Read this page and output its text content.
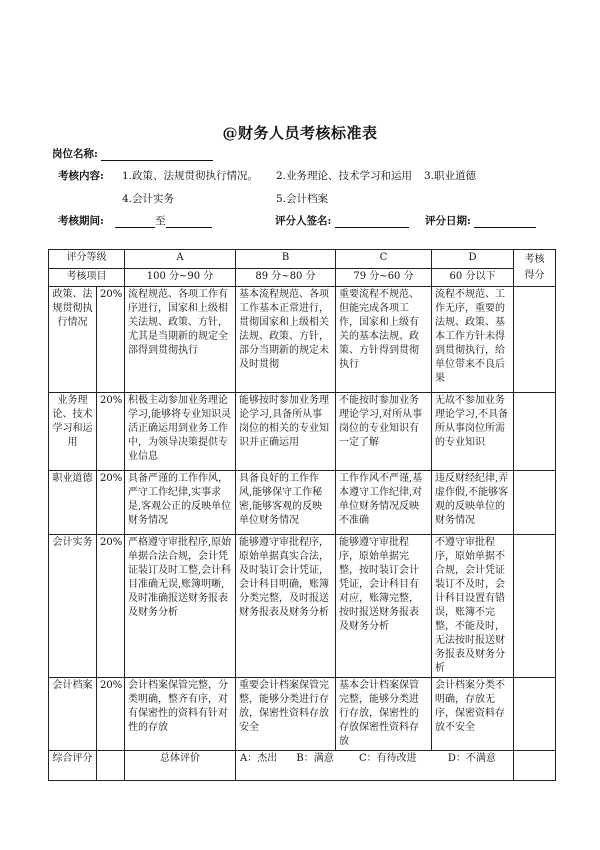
@财务人员考核标准表
岗位名称:
考核内容: 1.政策、法规贯彻执行情况。 2.业务理论、技术学习和运用 3.职业道德
4.会计实务	5.会计档案
考核期间:	至	评分人签名:	评分日期:
评分等级		A	B	C	D	考核得分
考核项目		100 分~90 分	89 分~80 分	79 分~60 分	60 分以下	
政策、法规贯彻执行情况	20%	流程规范、各项工作有序进行，国家和上级相关法规、政策、方针，尤其是当期新的规定全部得到贯彻执行	基本流程规范、各项工作基本正常进行，贯彻国家和上级相关法规、政策、方针，部分当期新的规定未及时贯彻	重要流程不规范、但能完成各项工作，国家和上级有关的基本法规、政策、方针得到贯彻执行	流程不规范、工作无序，重要的法规、政策、基本工作方针未得到贯彻执行，给单位带来不良后果	
业务理论、技术学习和运用	20%	积极主动参加业务理论学习,能够将专业知识灵活正确运用到业务工作中，为领导决策提供专业信息	能够按时参加业务理论学习,具备所从事岗位的相关的专业知识并正确运用	不能按时参加业务理论学习,对所从事岗位的专业知识有一定了解	无故不参加业务理论学习,不具备所从事岗位所需的专业知识	
职业道德	20%	具备严谨的工作作风，严守工作纪律,实事求是,客观公正的反映单位财务情况	具备良好的工作作风,能够保守工作秘密,能够客观的反映单位财务情况	工作作风不严谨,基本遵守工作纪律,对单位财务情况反映不准确	违反财经纪律,弄虚作假,不能够客观的反映单位的财务情况	
会计实务	20%	严格遵守审批程序,原始单据合法合规，会计凭证装订及时工整,会计科目准确无误,账簿明晰,及时准确报送财务报表及财务分析	能够遵守审批程序，原始单据真实合法，及时装订会计凭证，会计科目明确，账簿分类完整，及时报送财务报表及财务分析	能够遵守审批程序，原始单据完整，按时装订会计凭证，会计科目有对应，账簿完整，按时报送财务报表及财务分析	不遵守审批程序，原始单据不合规，会计凭证装订不及时，会计科目设置有错误，账簿不完整，不能及时，无法按时报送财务报表及财务分析	
会计档案	20%	会计档案保管完整，分类明确，整齐有序，对有保密性的资料有针对性的存放	重要会计档案保管完整，能够分类进行存放，保密性资料存放安全	基本会计档案保管完整，能够分类进行存放，保密性的存放保密性资料存放	会计档案分类不明确，存放无序，保密资料存放不安全	
综合评分		总体评价	A：杰出 B：满意 C：有待改进 D：不满意			
